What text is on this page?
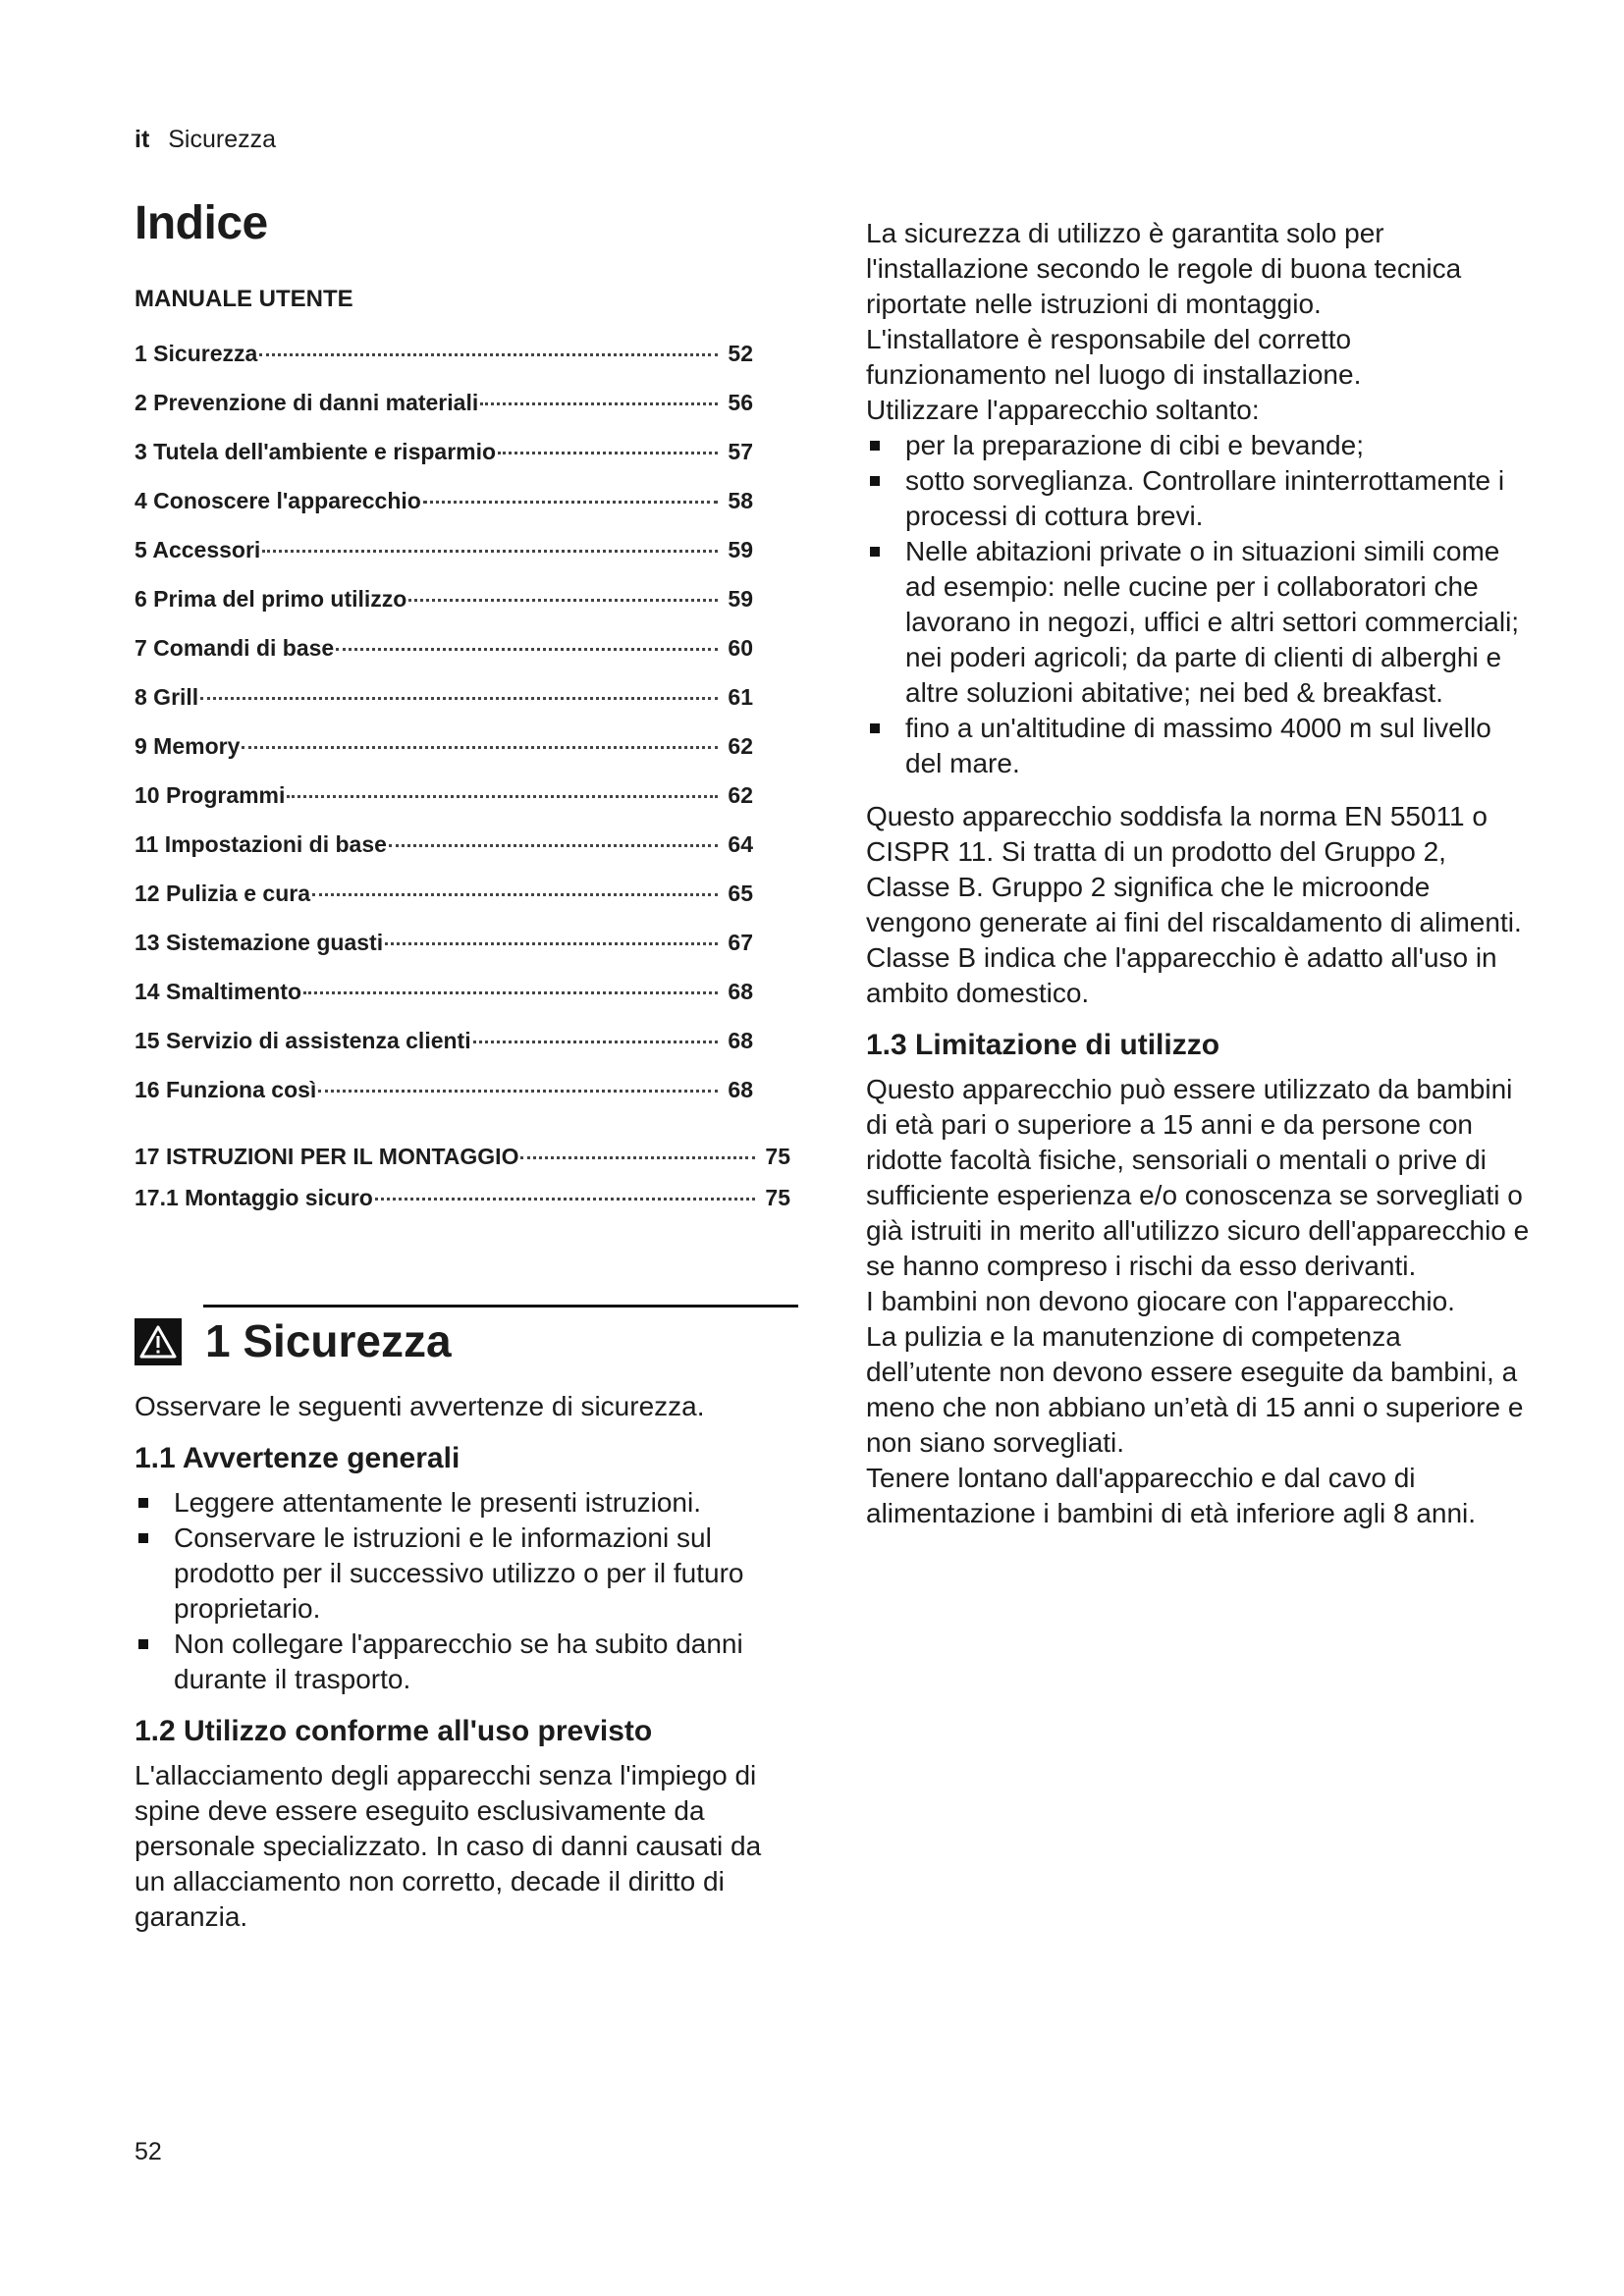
it Sicurezza
Indice
MANUALE UTENTE
1 Sicurezza	52
2 Prevenzione di danni materiali	56
3 Tutela dell'ambiente e risparmio	57
4 Conoscere l'apparecchio	58
5 Accessori	59
6 Prima del primo utilizzo	59
7 Comandi di base	60
8 Grill	61
9 Memory	62
10 Programmi	62
11 Impostazioni di base	64
12 Pulizia e cura	65
13 Sistemazione guasti	67
14 Smaltimento	68
15 Servizio di assistenza clienti	68
16 Funziona così	68
17 ISTRUZIONI PER IL MONTAGGIO	75
17.1 Montaggio sicuro	75
1 Sicurezza

Osservare le seguenti avvertenze di sicurezza.

1.1 Avvertenze generali
Leggere attentamente le presenti istruzioni.
Conservare le istruzioni e le informazioni sul prodotto per il successivo utilizzo o per il futuro proprietario.
Non collegare l'apparecchio se ha subito danni durante il trasporto.
1.2 Utilizzo conforme all'uso previsto

L'allacciamento degli apparecchi senza l'impiego di spine deve essere eseguito esclusivamente da personale specializzato. In caso di danni causati da un allacciamento non corretto, decade il diritto di garanzia.

La sicurezza di utilizzo è garantita solo per l'installazione secondo le regole di buona tecnica riportate nelle istruzioni di montaggio.

L'installatore è responsabile del corretto funzionamento nel luogo di installazione.

Utilizzare l'apparecchio soltanto:

per la preparazione di cibi e bevande;
sotto sorveglianza. Controllare ininterrottamente i processi di cottura brevi.
Nelle abitazioni private o in situazioni simili come ad esempio: nelle cucine per i collaboratori che lavorano in negozi, uffici e altri settori commerciali; nei poderi agricoli; da parte di clienti di alberghi e altre soluzioni abitative; nei bed & breakfast.
fino a un'altitudine di massimo 4000 m sul livello del mare.

Questo apparecchio soddisfa la norma EN 55011 o CISPR 11. Si tratta di un prodotto del Gruppo 2, Classe B. Gruppo 2 significa che le microonde vengono generate ai fini del riscaldamento di alimenti. Classe B indica che l'apparecchio è adatto all'uso in ambito domestico.

1.3 Limitazione di utilizzo

Questo apparecchio può essere utilizzato da bambini di età pari o superiore a 15 anni e da persone con ridotte facoltà fisiche, sensoriali o mentali o prive di sufficiente esperienza e/o conoscenza se sorvegliati o già istruiti in merito all'utilizzo sicuro dell'apparecchio e se hanno compreso i rischi da esso derivanti.

I bambini non devono giocare con l'apparecchio.

La pulizia e la manutenzione di competenza dell’utente non devono essere eseguite da bambini, a meno che non abbiano un’età di 15 anni o superiore e non siano sorvegliati.

Tenere lontano dall'apparecchio e dal cavo di alimentazione i bambini di età inferiore agli 8 anni.

52
